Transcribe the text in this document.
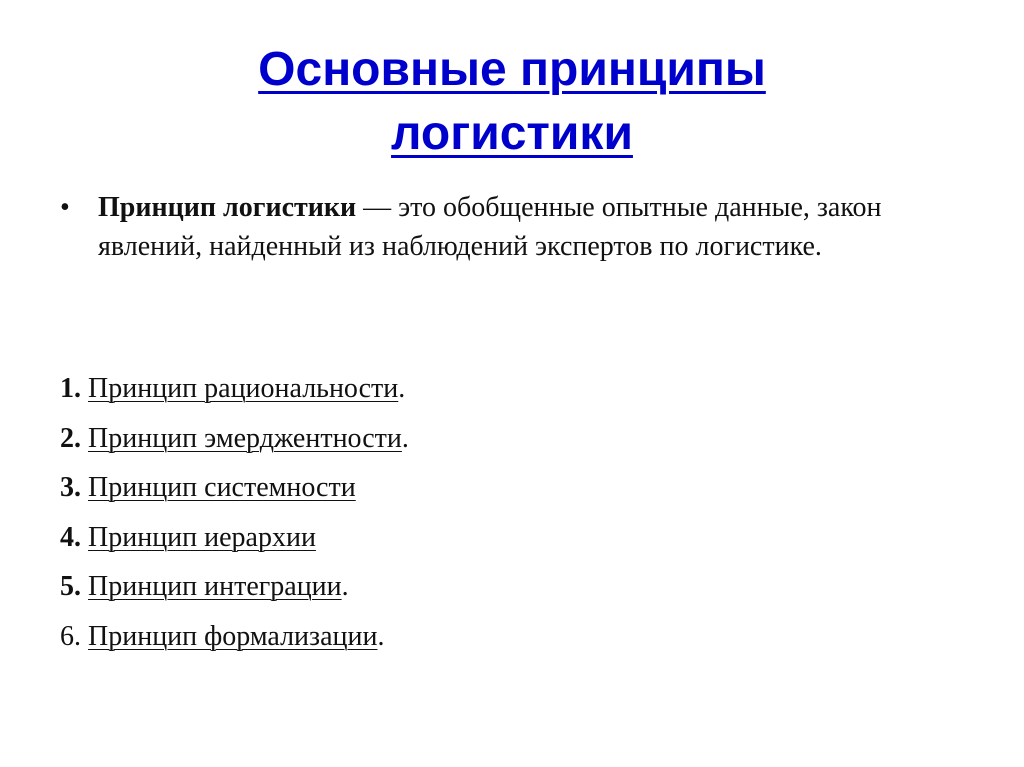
Основные принципы
логистики
• Принцип логистики — это обобщенные опытные данные, закон явлений, найденный из наблюдений экспертов по логистике.
1. Принцип рациональности.
2. Принцип эмерджентности.
3. Принцип системности
4. Принцип иерархии
5. Принцип интеграции.
6. Принцип формализации.
